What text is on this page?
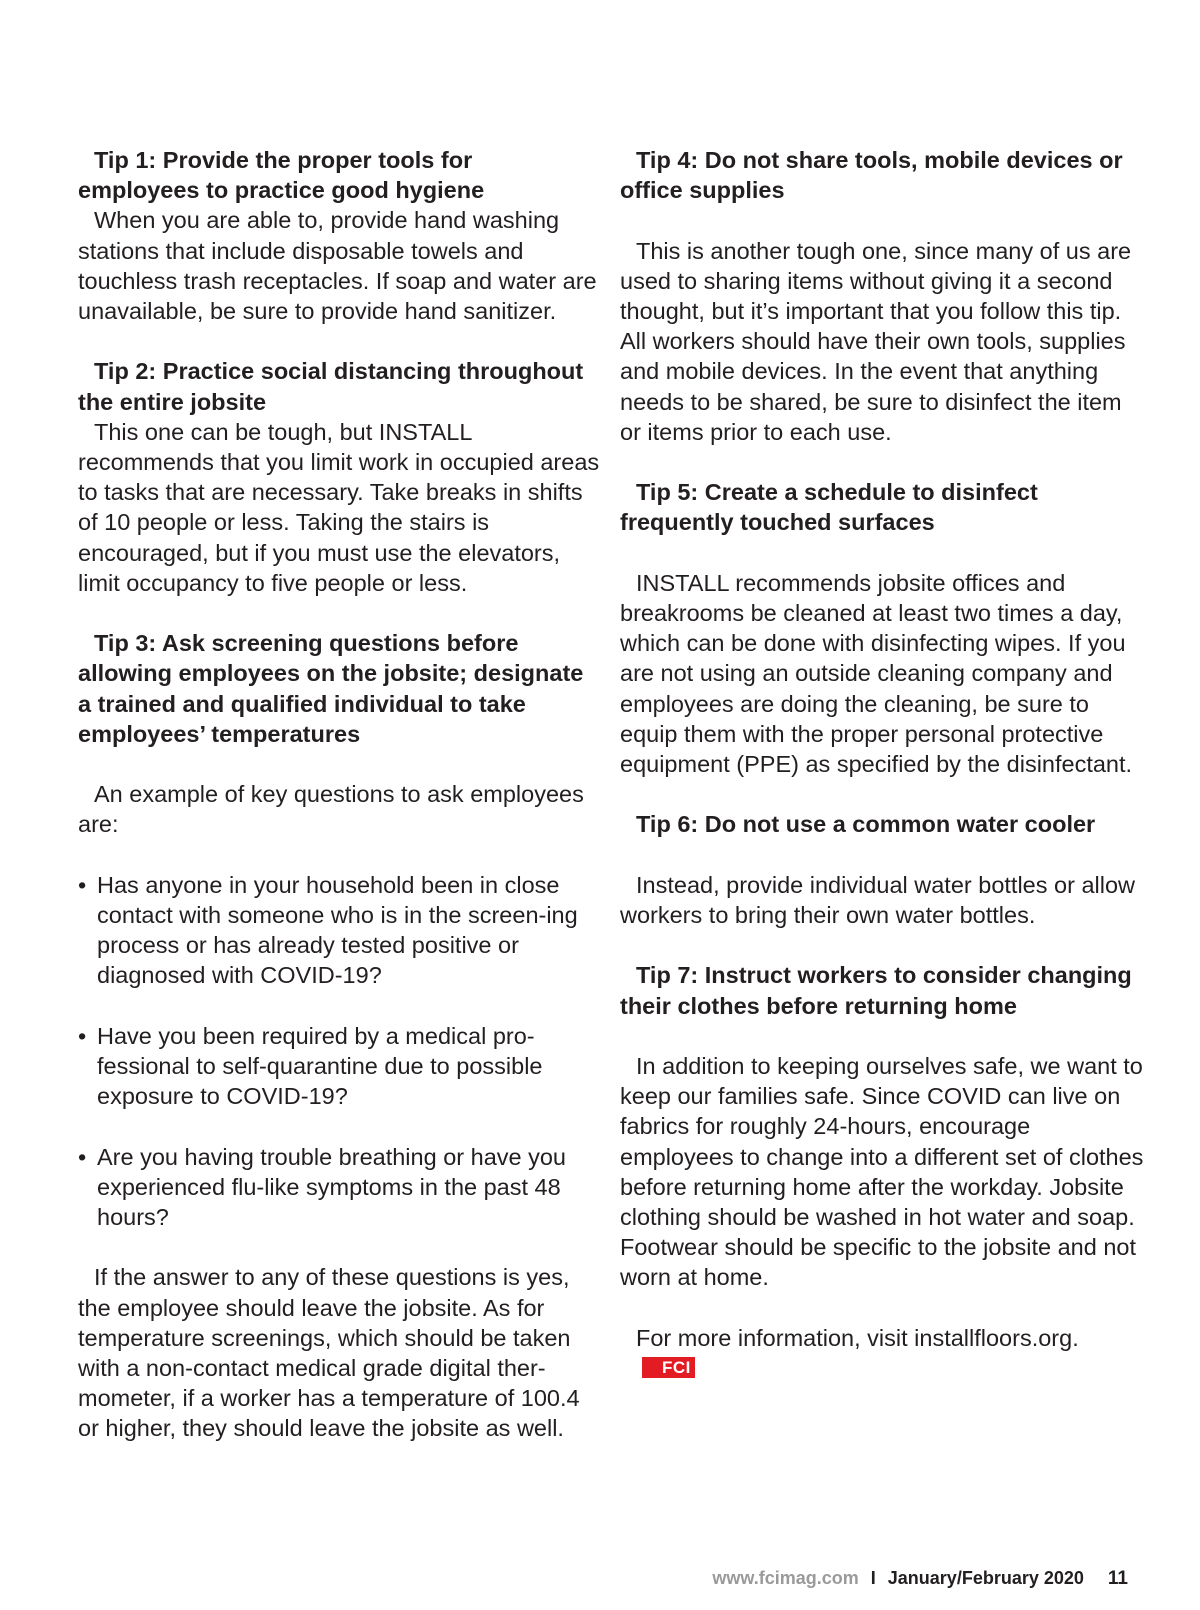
Tip 1: Provide the proper tools for employees to practice good hygiene

When you are able to, provide hand washing stations that include disposable towels and touchless trash receptacles. If soap and water are unavailable, be sure to provide hand sanitizer.

Tip 2: Practice social distancing throughout the entire jobsite

This one can be tough, but INSTALL recommends that you limit work in occupied areas to tasks that are necessary. Take breaks in shifts of 10 people or less. Taking the stairs is encouraged, but if you must use the elevators, limit occupancy to five people or less.

Tip 3: Ask screening questions before allowing employees on the jobsite; designate a trained and qualified individual to take employees’ temperatures

An example of key questions to ask employees are:

• Has anyone in your household been in close contact with someone who is in the screen-ing process or has already tested positive or diagnosed with COVID-19?

• Have you been required by a medical pro-fessional to self-quarantine due to possible exposure to COVID-19?

• Are you having trouble breathing or have you experienced flu-like symptoms in the past 48 hours?

If the answer to any of these questions is yes, the employee should leave the jobsite. As for temperature screenings, which should be taken with a non-contact medical grade digital ther-mometer, if a worker has a temperature of 100.4 or higher, they should leave the jobsite as well.

Tip 4: Do not share tools, mobile devices or office supplies

This is another tough one, since many of us are used to sharing items without giving it a second thought, but it’s important that you follow this tip. All workers should have their own tools, supplies and mobile devices. In the event that anything needs to be shared, be sure to disinfect the item or items prior to each use.

Tip 5: Create a schedule to disinfect frequently touched surfaces

INSTALL recommends jobsite offices and breakrooms be cleaned at least two times a day, which can be done with disinfecting wipes. If you are not using an outside cleaning company and employees are doing the cleaning, be sure to equip them with the proper personal protective equipment (PPE) as specified by the disinfectant.

Tip 6: Do not use a common water cooler

Instead, provide individual water bottles or allow workers to bring their own water bottles.

Tip 7: Instruct workers to consider changing their clothes before returning home

In addition to keeping ourselves safe, we want to keep our families safe. Since COVID can live on fabrics for roughly 24-hours, encourage employees to change into a different set of clothes before returning home after the workday. Jobsite clothing should be washed in hot water and soap. Footwear should be specific to the jobsite and not worn at home.

For more information, visit installfloors.org.FCI

www.fcimag.com I January/February 2020 11
